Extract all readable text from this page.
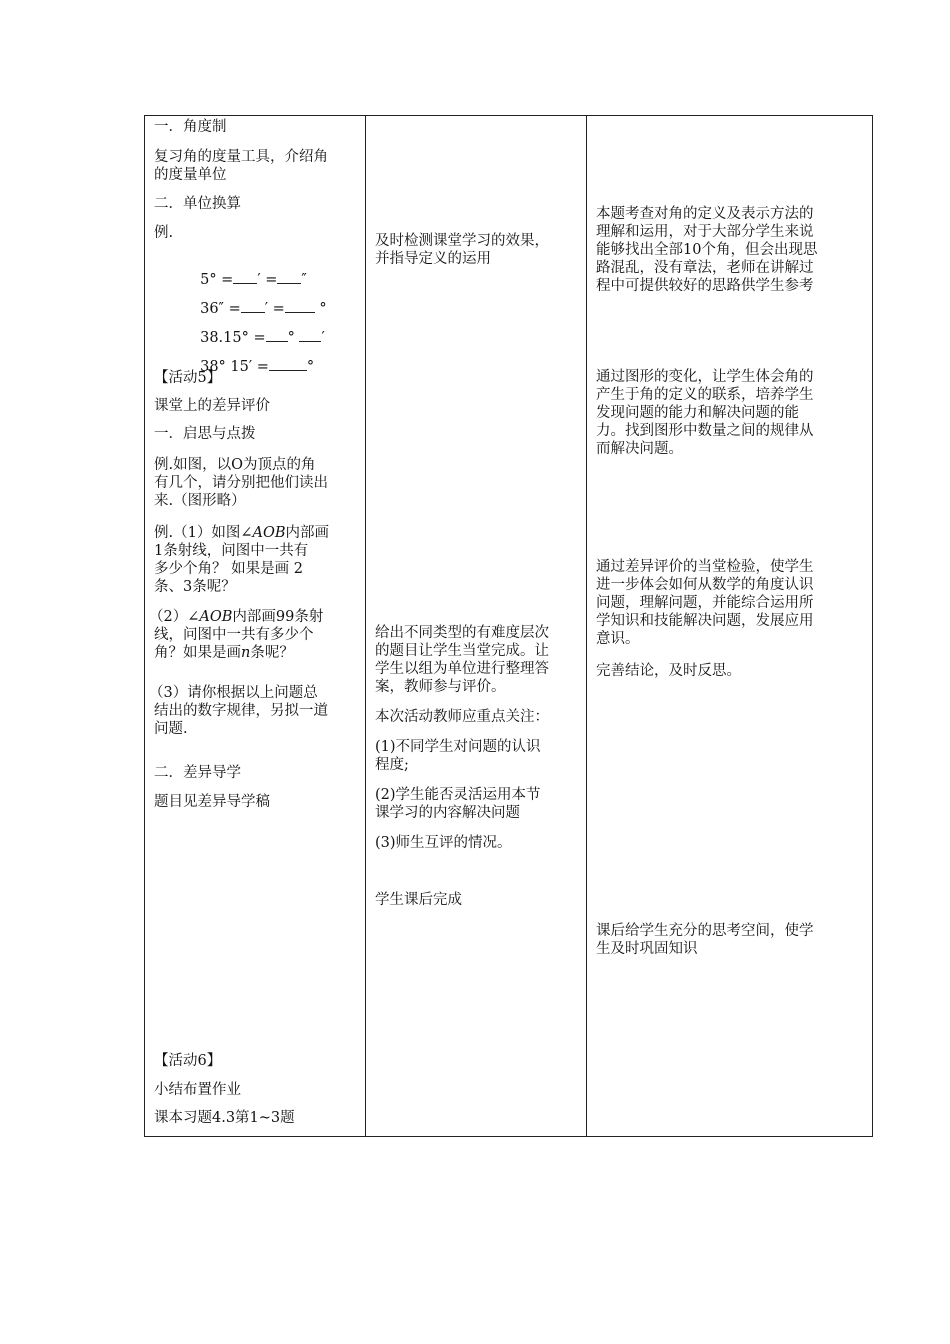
一．角度制
复习角的度量工具，介绍角
的度量单位
二．单位换算
例.

5° = ′ = ″

36″ = ′ = °

38.15° = ° ′

38° 15′ =	°

【活动5】
课堂上的差异评价
一．启思与点拨
例.如图，以O为顶点的角
有几个，请分别把他们读出
来.（图形略）
例.（1）如图∠AOB内部画
1条射线，问图中一共有
多少个角？ 如果是画 2
条、3条呢？
（2）∠AOB内部画99条射
线，问图中一共有多少个
角？如果是画n条呢？
（3）请你根据以上问题总
结出的数字规律，另拟一道
问题.
二．差异导学
题目见差异导学稿
【活动6】
小结布置作业
课本习题4.3第1~3题

及时检测课堂学习的效果，
并指导定义的运用
给出不同类型的有难度层次
的题目让学生当堂完成。让
学生以组为单位进行整理答
案，教师参与评价。
本次活动教师应重点关注：
(1)不同学生对问题的认识
程度;
(2)学生能否灵活运用本节
课学习的内容解决问题
(3)师生互评的情况。
学生课后完成

本题考查对角的定义及表示方法的
理解和运用，对于大部分学生来说
能够找出全部10个角，但会出现思
路混乱，没有章法，老师在讲解过
程中可提供较好的思路供学生参考
通过图形的变化，让学生体会角的
产生于角的定义的联系，培养学生
发现问题的能力和解决问题的能
力。找到图形中数量之间的规律从
而解决问题。
通过差异评价的当堂检验，使学生
进一步体会如何从数学的角度认识
问题，理解问题，并能综合运用所
学知识和技能解决问题，发展应用
意识。
完善结论，及时反思。
课后给学生充分的思考空间，使学
生及时巩固知识
